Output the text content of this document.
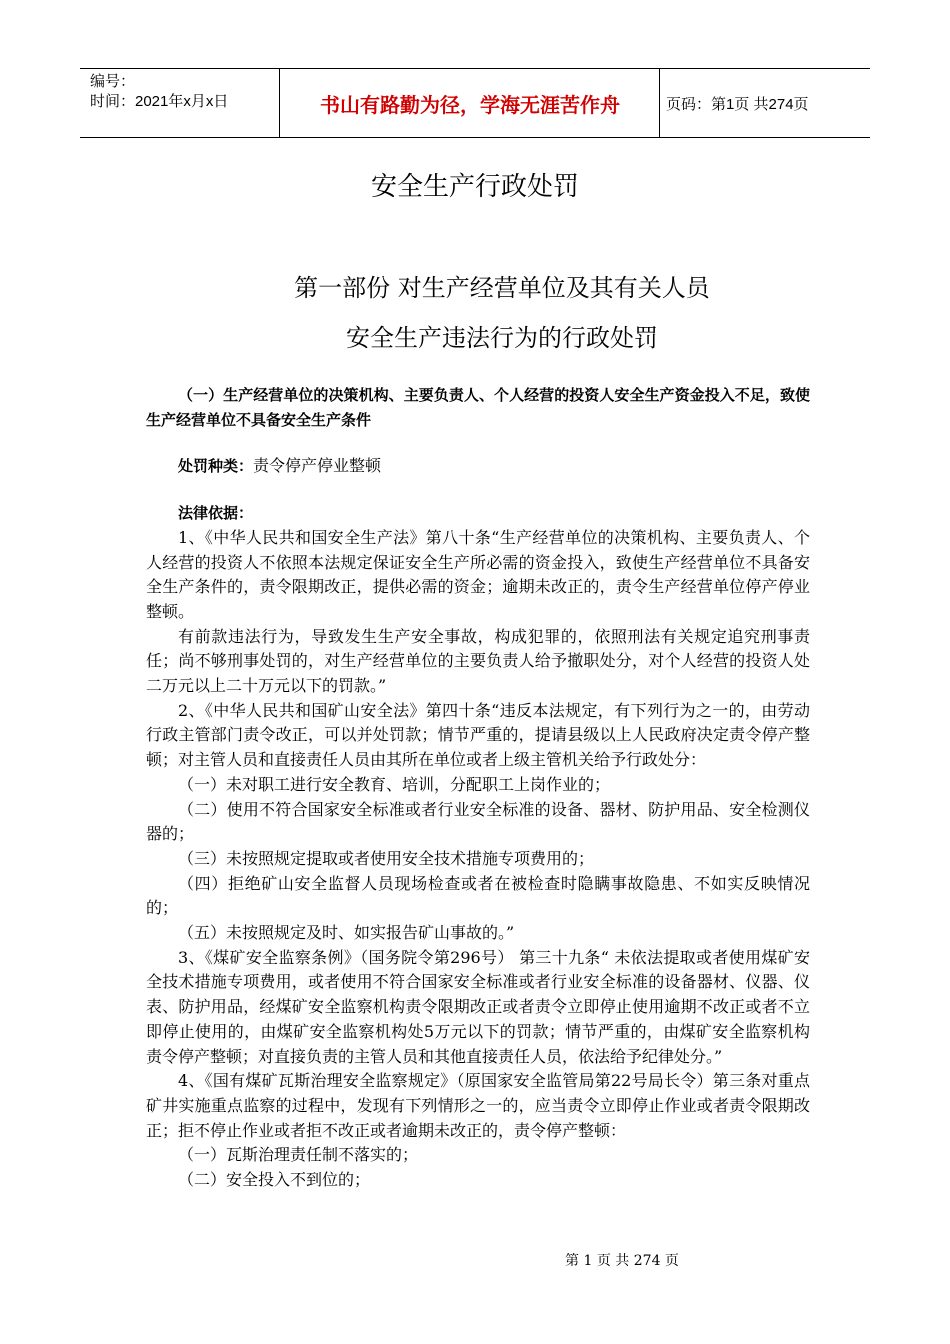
编号：
时间：2021年x月x日	书山有路勤为径，学海无涯苦作舟	页码：第1页 共274页
安全生产行政处罚
第一部份 对生产经营单位及其有关人员
安全生产违法行为的行政处罚

（一）生产经营单位的决策机构、主要负责人、个人经营的投资人安全生产资金投入不足，致使生产经营单位不具备安全生产条件

处罚种类：责令停产停业整顿

法律依据：

1、《中华人民共和国安全生产法》第八十条“生产经营单位的决策机构、主要负责人、个人经营的投资人不依照本法规定保证安全生产所必需的资金投入，致使生产经营单位不具备安全生产条件的，责令限期改正，提供必需的资金；逾期未改正的，责令生产经营单位停产停业整顿。

有前款违法行为，导致发生生产安全事故，构成犯罪的，依照刑法有关规定追究刑事责任；尚不够刑事处罚的，对生产经营单位的主要负责人给予撤职处分，对个人经营的投资人处二万元以上二十万元以下的罚款。”

2、《中华人民共和国矿山安全法》第四十条“违反本法规定，有下列行为之一的，由劳动行政主管部门责令改正，可以并处罚款；情节严重的，提请县级以上人民政府决定责令停产整顿；对主管人员和直接责任人员由其所在单位或者上级主管机关给予行政处分：

（一）未对职工进行安全教育、培训，分配职工上岗作业的；

（二）使用不符合国家安全标准或者行业安全标准的设备、器材、防护用品、安全检测仪器的；

（三）未按照规定提取或者使用安全技术措施专项费用的；

（四）拒绝矿山安全监督人员现场检查或者在被检查时隐瞒事故隐患、不如实反映情况的；

（五）未按照规定及时、如实报告矿山事故的。”

3、《煤矿安全监察条例》（国务院令第296号） 第三十九条“ 未依法提取或者使用煤矿安全技术措施专项费用，或者使用不符合国家安全标准或者行业安全标准的设备器材、仪器、仪表、防护用品，经煤矿安全监察机构责令限期改正或者责令立即停止使用逾期不改正或者不立即停止使用的，由煤矿安全监察机构处5万元以下的罚款；情节严重的，由煤矿安全监察机构责令停产整顿；对直接负责的主管人员和其他直接责任人员，依法给予纪律处分。”

4、《国有煤矿瓦斯治理安全监察规定》（原国家安全监管局第22号局长令）第三条对重点矿井实施重点监察的过程中，发现有下列情形之一的，应当责令立即停止作业或者责令限期改正；拒不停止作业或者拒不改正或者逾期未改正的，责令停产整顿：

（一）瓦斯治理责任制不落实的；

（二）安全投入不到位的；

第 1 页 共 274 页
